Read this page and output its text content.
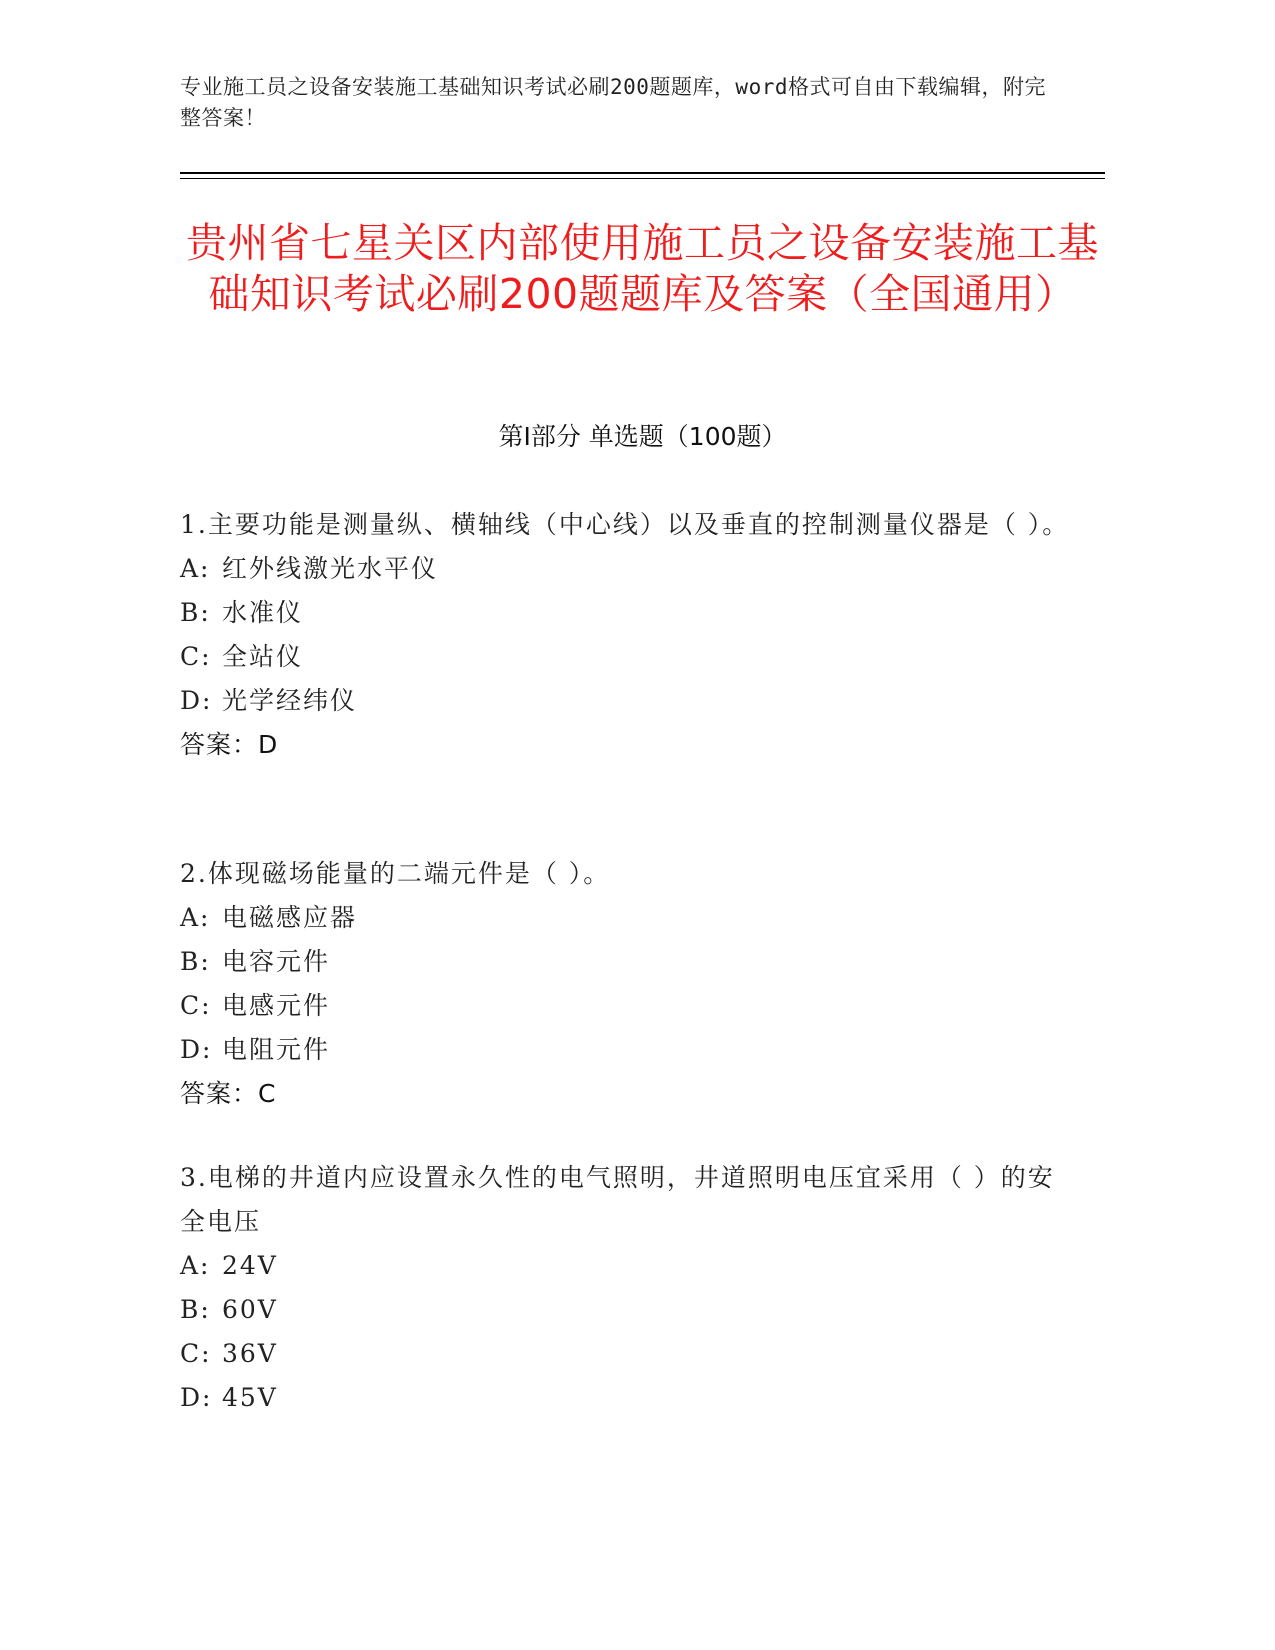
专业施工员之设备安装施工基础知识考试必刷200题题库，word格式可自由下载编辑，附完整答案！
贵州省七星关区内部使用施工员之设备安装施工基础知识考试必刷200题题库及答案（全国通用）
第Ⅰ部分 单选题（100题）
1.主要功能是测量纵、横轴线（中心线）以及垂直的控制测量仪器是（ ）。
A: 红外线激光水平仪
B: 水准仪
C: 全站仪
D: 光学经纬仪
答案：D
2.体现磁场能量的二端元件是（ ）。
A: 电磁感应器
B: 电容元件
C: 电感元件
D: 电阻元件
答案：C
3.电梯的井道内应设置永久性的电气照明，井道照明电压宜采用（ ）的安全电压
A: 24V
B: 60V
C: 36V
D: 45V
